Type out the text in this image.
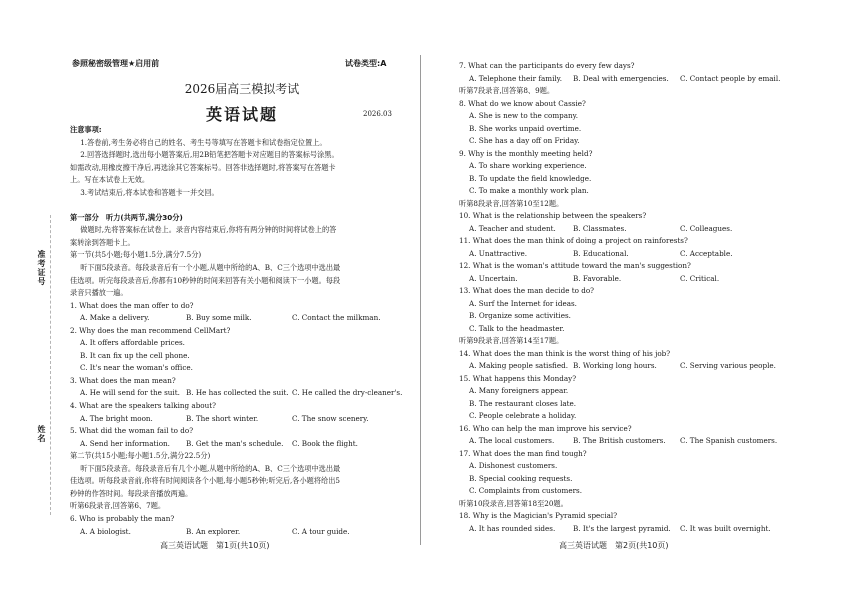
参照秘密级管理★启用前	试卷类型:A
2026届高三模拟考试
英语试题	2026.03
准考证号
姓名

注意事项:

　1.答卷前,考生务必将自己的姓名、考生号等填写在答题卡和试卷指定位置上。

　2.回答选择题时,选出每小题答案后,用2B铅笔把答题卡对应题目的答案标号涂黑。

如需改动,用橡皮擦干净后,再选涂其它答案标号。回答非选择题时,将答案写在答题卡

上。写在本试卷上无效。

　3.考试结束后,将本试卷和答题卡一并交回。

第一部分　听力(共两节,满分30分)

　做题时,先将答案标在试卷上。录音内容结束后,你将有两分钟的时间将试卷上的答

案转涂到答题卡上。

第一节(共5小题;每小题1.5分,满分7.5分)

　听下面5段录音。每段录音后有一个小题,从题中所给的A、B、C三个选项中选出最

佳选项。听完每段录音后,你都有10秒钟的时间来回答有关小题和阅读下一小题。每段

录音只播放一遍。

1. What does the man offer to do?

A. Make a delivery.	B. Buy some milk.	C. Contact the milkman.

2. Why does the man recommend CellMart?

A. It offers affordable prices.

B. It can fix up the cell phone.

C. It's near the woman's office.

3. What does the man mean?

A. He will send for the suit. B. He has collected the suit. C. He called the dry-cleaner's.

4. What are the speakers talking about?

A. The bright moon.	B. The short winter.	C. The snow scenery.

5. What did the woman fail to do?

A. Send her information.	B. Get the man's schedule.	C. Book the flight.

第二节(共15小题;每小题1.5分,满分22.5分)

　听下面5段录音。每段录音后有几个小题,从题中所给的A、B、C三个选项中选出最

佳选项。听每段录音前,你将有时间阅读各个小题,每小题5秒钟;听完后,各小题将给出5

秒钟的作答时间。每段录音播放两遍。

听第6段录音,回答第6、7题。

6. Who is probably the man?

A. A biologist.	B. An explorer.	C. A tour guide.
高三英语试题　第1页(共10页)

7. What can the participants do every few days?

A. Telephone their family.	B. Deal with emergencies.	C. Contact people by email.

听第7段录音,回答第8、9题。

8. What do we know about Cassie?

A. She is new to the company.

B. She works unpaid overtime.

C. She has a day off on Friday.

9. Why is the monthly meeting held?

A. To share working experience.

B. To update the field knowledge.

C. To make a monthly work plan.

听第8段录音,回答第10至12题。

10. What is the relationship between the speakers?

A. Teacher and student.	B. Classmates.	C. Colleagues.

11. What does the man think of doing a project on rainforests?

A. Unattractive.	B. Educational.	C. Acceptable.

12. What is the woman's attitude toward the man's suggestion?

A. Uncertain.	B. Favorable.	C. Critical.

13. What does the man decide to do?

A. Surf the Internet for ideas.

B. Organize some activities.

C. Talk to the headmaster.

听第9段录音,回答第14至17题。

14. What does the man think is the worst thing of his job?

A. Making people satisfied. B. Working long hours.	C. Serving various people.

15. What happens this Monday?

A. Many foreigners appear.

B. The restaurant closes late.

C. People celebrate a holiday.

16. Who can help the man improve his service?

A. The local customers.	B. The British customers.	C. The Spanish customers.

17. What does the man find tough?

A. Dishonest customers.

B. Special cooking requests.

C. Complaints from customers.

听第10段录音,回答第18至20题。

18. Why is the Magician's Pyramid special?

A. It has rounded sides.	B. It's the largest pyramid.	C. It was built overnight.
高三英语试题　第2页(共10页)
